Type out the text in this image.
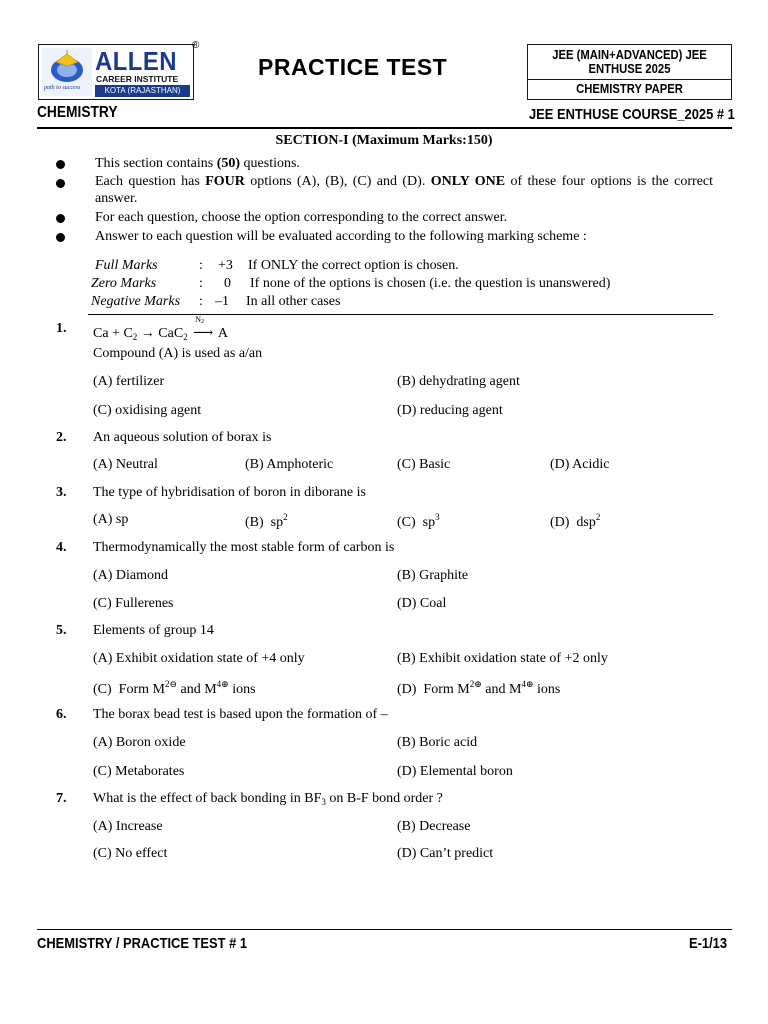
path to success
ALLEN
CAREER INSTITUTE
KOTA (RAJASTHAN)
®
PRACTICE TEST	JEE (MAIN+ADVANCED) JEE
ENTHUSE 2025
CHEMISTRY PAPER
CHEMISTRY	JEE ENTHUSE COURSE_2025 # 1
SECTION-I (Maximum Marks:150)
This section contains (50) questions.
Each question has FOUR options (A), (B), (C) and (D). ONLY ONE of these four options is the correct answer.
For each question, choose the option corresponding to the correct answer.
Answer to each question will be evaluated according to the following marking scheme :
Full Marks	: +3 If ONLY the correct option is chosen.
Zero Marks	: 0 If none of the options is chosen (i.e. the question is unanswered)
Negative Marks : –1 In all other cases
1. $Ca + C_2 \to CaC_2$
$N_2$
⟶ A
Compound (A) is used as a/an
(A) fertilizer	(B) dehydrating agent
(C) oxidising agent	(D) reducing agent
2. An aqueous solution of borax is
(A) Neutral	(B) Amphoteric	(C) Basic	(D) Acidic
3. The type of hybridisation of boron in diborane is
(A) sp	(B)  $sp^2$	(C)  $sp^3$	(D)  dsp$^2$
4. Thermodynamically the most stable form of carbon is
(A) Diamond	(B) Graphite
(C) Fullerenes	(D) Coal
5. Elements of group 14
(A) Exhibit oxidation state of +4 only	(B) Exhibit oxidation state of +2 only
(C)  Form $M^{2⊖}$ and $M^{4\oplus}$ ions	(D)  Form $M^{2\oplus}$ and $M^{4\oplus}$ ions
6. The borax bead test is based upon the formation of –
(A) Boron oxide	(B) Boric acid
(C) Metaborates	(D) Elemental boron
7. What is the effect of back bonding in $BF_3$ on B-F bond order ?
(A) Increase	(B) Decrease
(C) No effect	(D) Can’t predict
CHEMISTRY / PRACTICE TEST # 1	E-1/13
